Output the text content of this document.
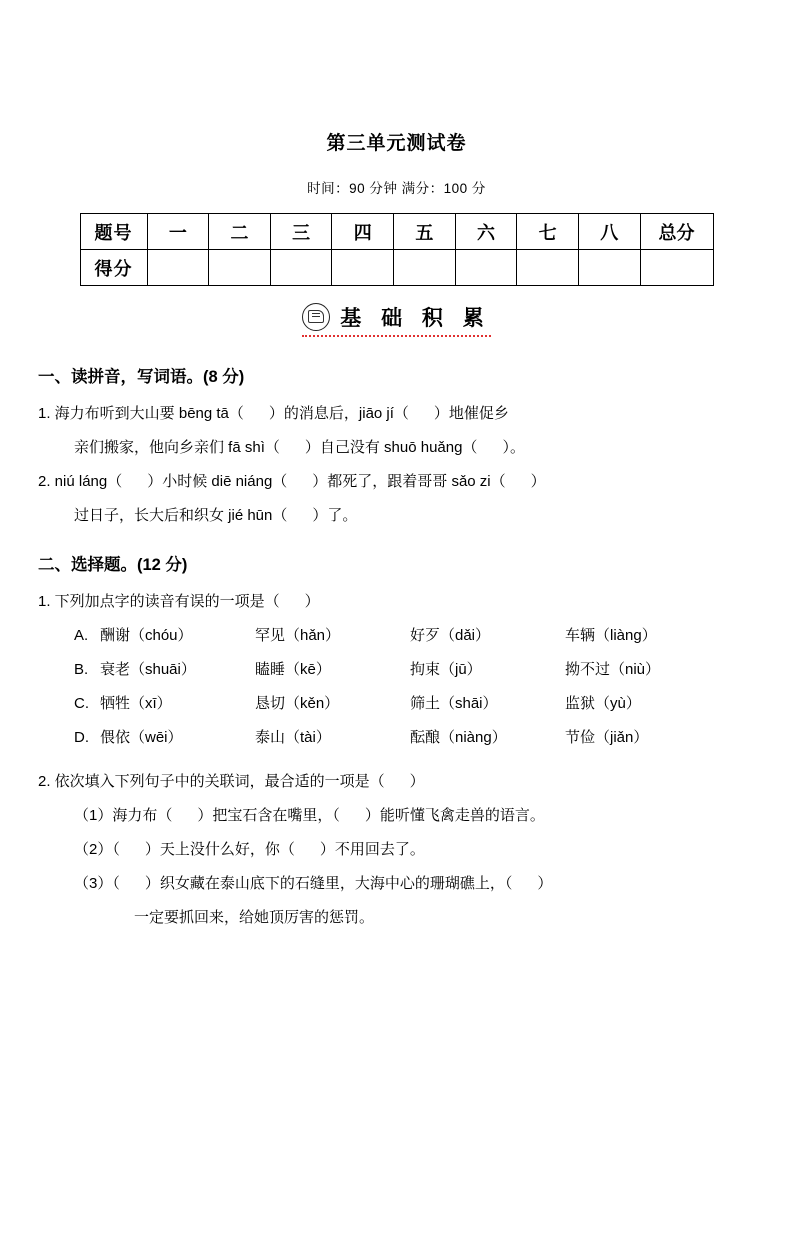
第三单元测试卷
时间：90 分钟 满分：100 分
题号	一	二	三	四	五	六	七	八	总分
得分									
基 础 积 累
一、读拼音，写词语。(8 分)
1. 海力布听到大山要 bēng tā（      ）的消息后，jiāo jí（      ）地催促乡
亲们搬家，他向乡亲们 fā shì（      ）自己没有 shuō huǎng（      ）。
2. niú láng（      ）小时候 diē niáng（      ）都死了，跟着哥哥 sǎo zi（      ）
过日子，长大后和织女 jié hūn（      ）了。
二、选择题。(12 分)
1. 下列加点字的读音有误的一项是（      ）
A. 酬谢（chóu）	罕见（hǎn）	好歹（dǎi）	车辆（liàng）
B. 衰老（shuāi）	瞌睡（kē）	拘束（jū）	拗不过（niù）
C. 牺牲（xī）	恳切（kěn）	筛土（shāi）	监狱（yù）
D. 偎依（wēi）	泰山（tài）	酝酿（niàng）	节俭（jiǎn）
2. 依次填入下列句子中的关联词，最合适的一项是（      ）
（1）海力布（      ）把宝石含在嘴里，（      ）能听懂飞禽走兽的语言。
（2）（      ）天上没什么好，你（      ）不用回去了。
（3）（      ）织女藏在泰山底下的石缝里，大海中心的珊瑚礁上，（      ）
一定要抓回来，给她顶厉害的惩罚。
